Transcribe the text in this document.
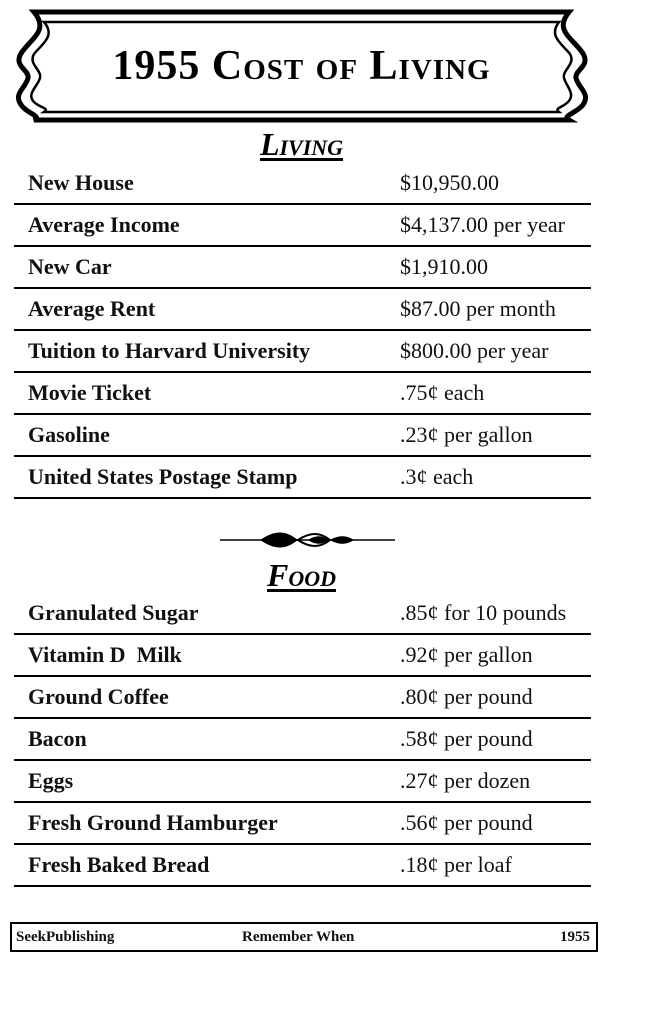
1955 Cost of Living
Living
New House	$10,950.00
Average Income	$4,137.00 per year
New Car	$1,910.00
Average Rent	$87.00 per month
Tuition to Harvard University	$800.00 per year
Movie Ticket	.75¢ each
Gasoline	.23¢ per gallon
United States Postage Stamp	.3¢ each
Food
Granulated Sugar	.85¢ for 10 pounds
Vitamin D  Milk	.92¢ per gallon
Ground Coffee	.80¢ per pound
Bacon	.58¢ per pound
Eggs	.27¢ per dozen
Fresh Ground Hamburger	.56¢ per pound
Fresh Baked Bread	.18¢ per loaf
SeekPublishing	Remember When	1955
